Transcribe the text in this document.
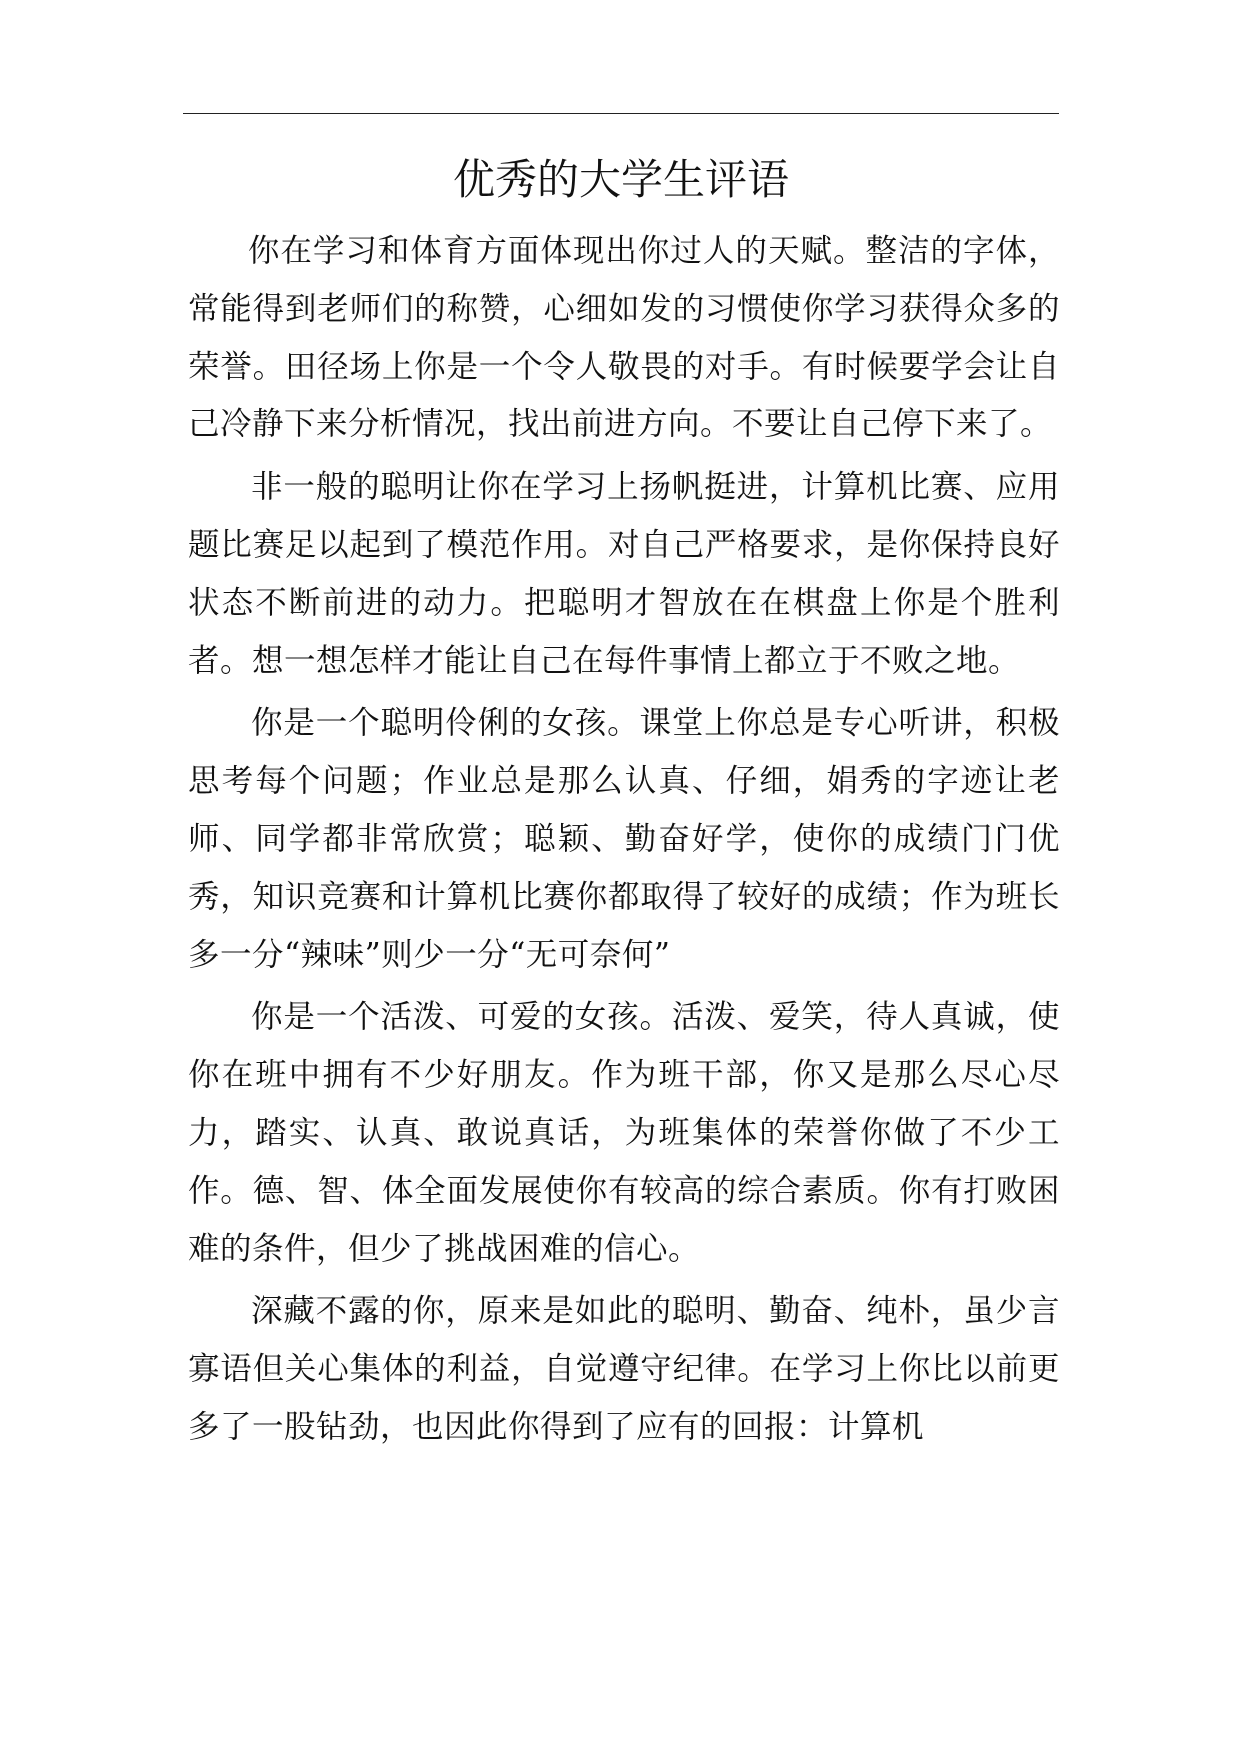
优秀的大学生评语

你在学习和体育方面体现出你过人的天赋。整洁的字体，常能得到老师们的称赞，心细如发的习惯使你学习获得众多的荣誉。田径场上你是一个令人敬畏的对手。有时候要学会让自己冷静下来分析情况，找出前进方向。不要让自己停下来了。

非一般的聪明让你在学习上扬帆挺进，计算机比赛、应用题比赛足以起到了模范作用。对自己严格要求，是你保持良好状态不断前进的动力。把聪明才智放在在棋盘上你是个胜利者。想一想怎样才能让自己在每件事情上都立于不败之地。

你是一个聪明伶俐的女孩。课堂上你总是专心听讲，积极思考每个问题；作业总是那么认真、仔细，娟秀的字迹让老师、同学都非常欣赏；聪颖、勤奋好学，使你的成绩门门优秀，知识竞赛和计算机比赛你都取得了较好的成绩；作为班长多一分“辣味”则少一分“无可奈何”

你是一个活泼、可爱的女孩。活泼、爱笑，待人真诚，使你在班中拥有不少好朋友。作为班干部，你又是那么尽心尽力，踏实、认真、敢说真话，为班集体的荣誉你做了不少工作。德、智、体全面发展使你有较高的综合素质。你有打败困难的条件，但少了挑战困难的信心。

深藏不露的你，原来是如此的聪明、勤奋、纯朴，虽少言寡语但关心集体的利益，自觉遵守纪律。在学习上你比以前更多了一股钻劲，也因此你得到了应有的回报：计算机
